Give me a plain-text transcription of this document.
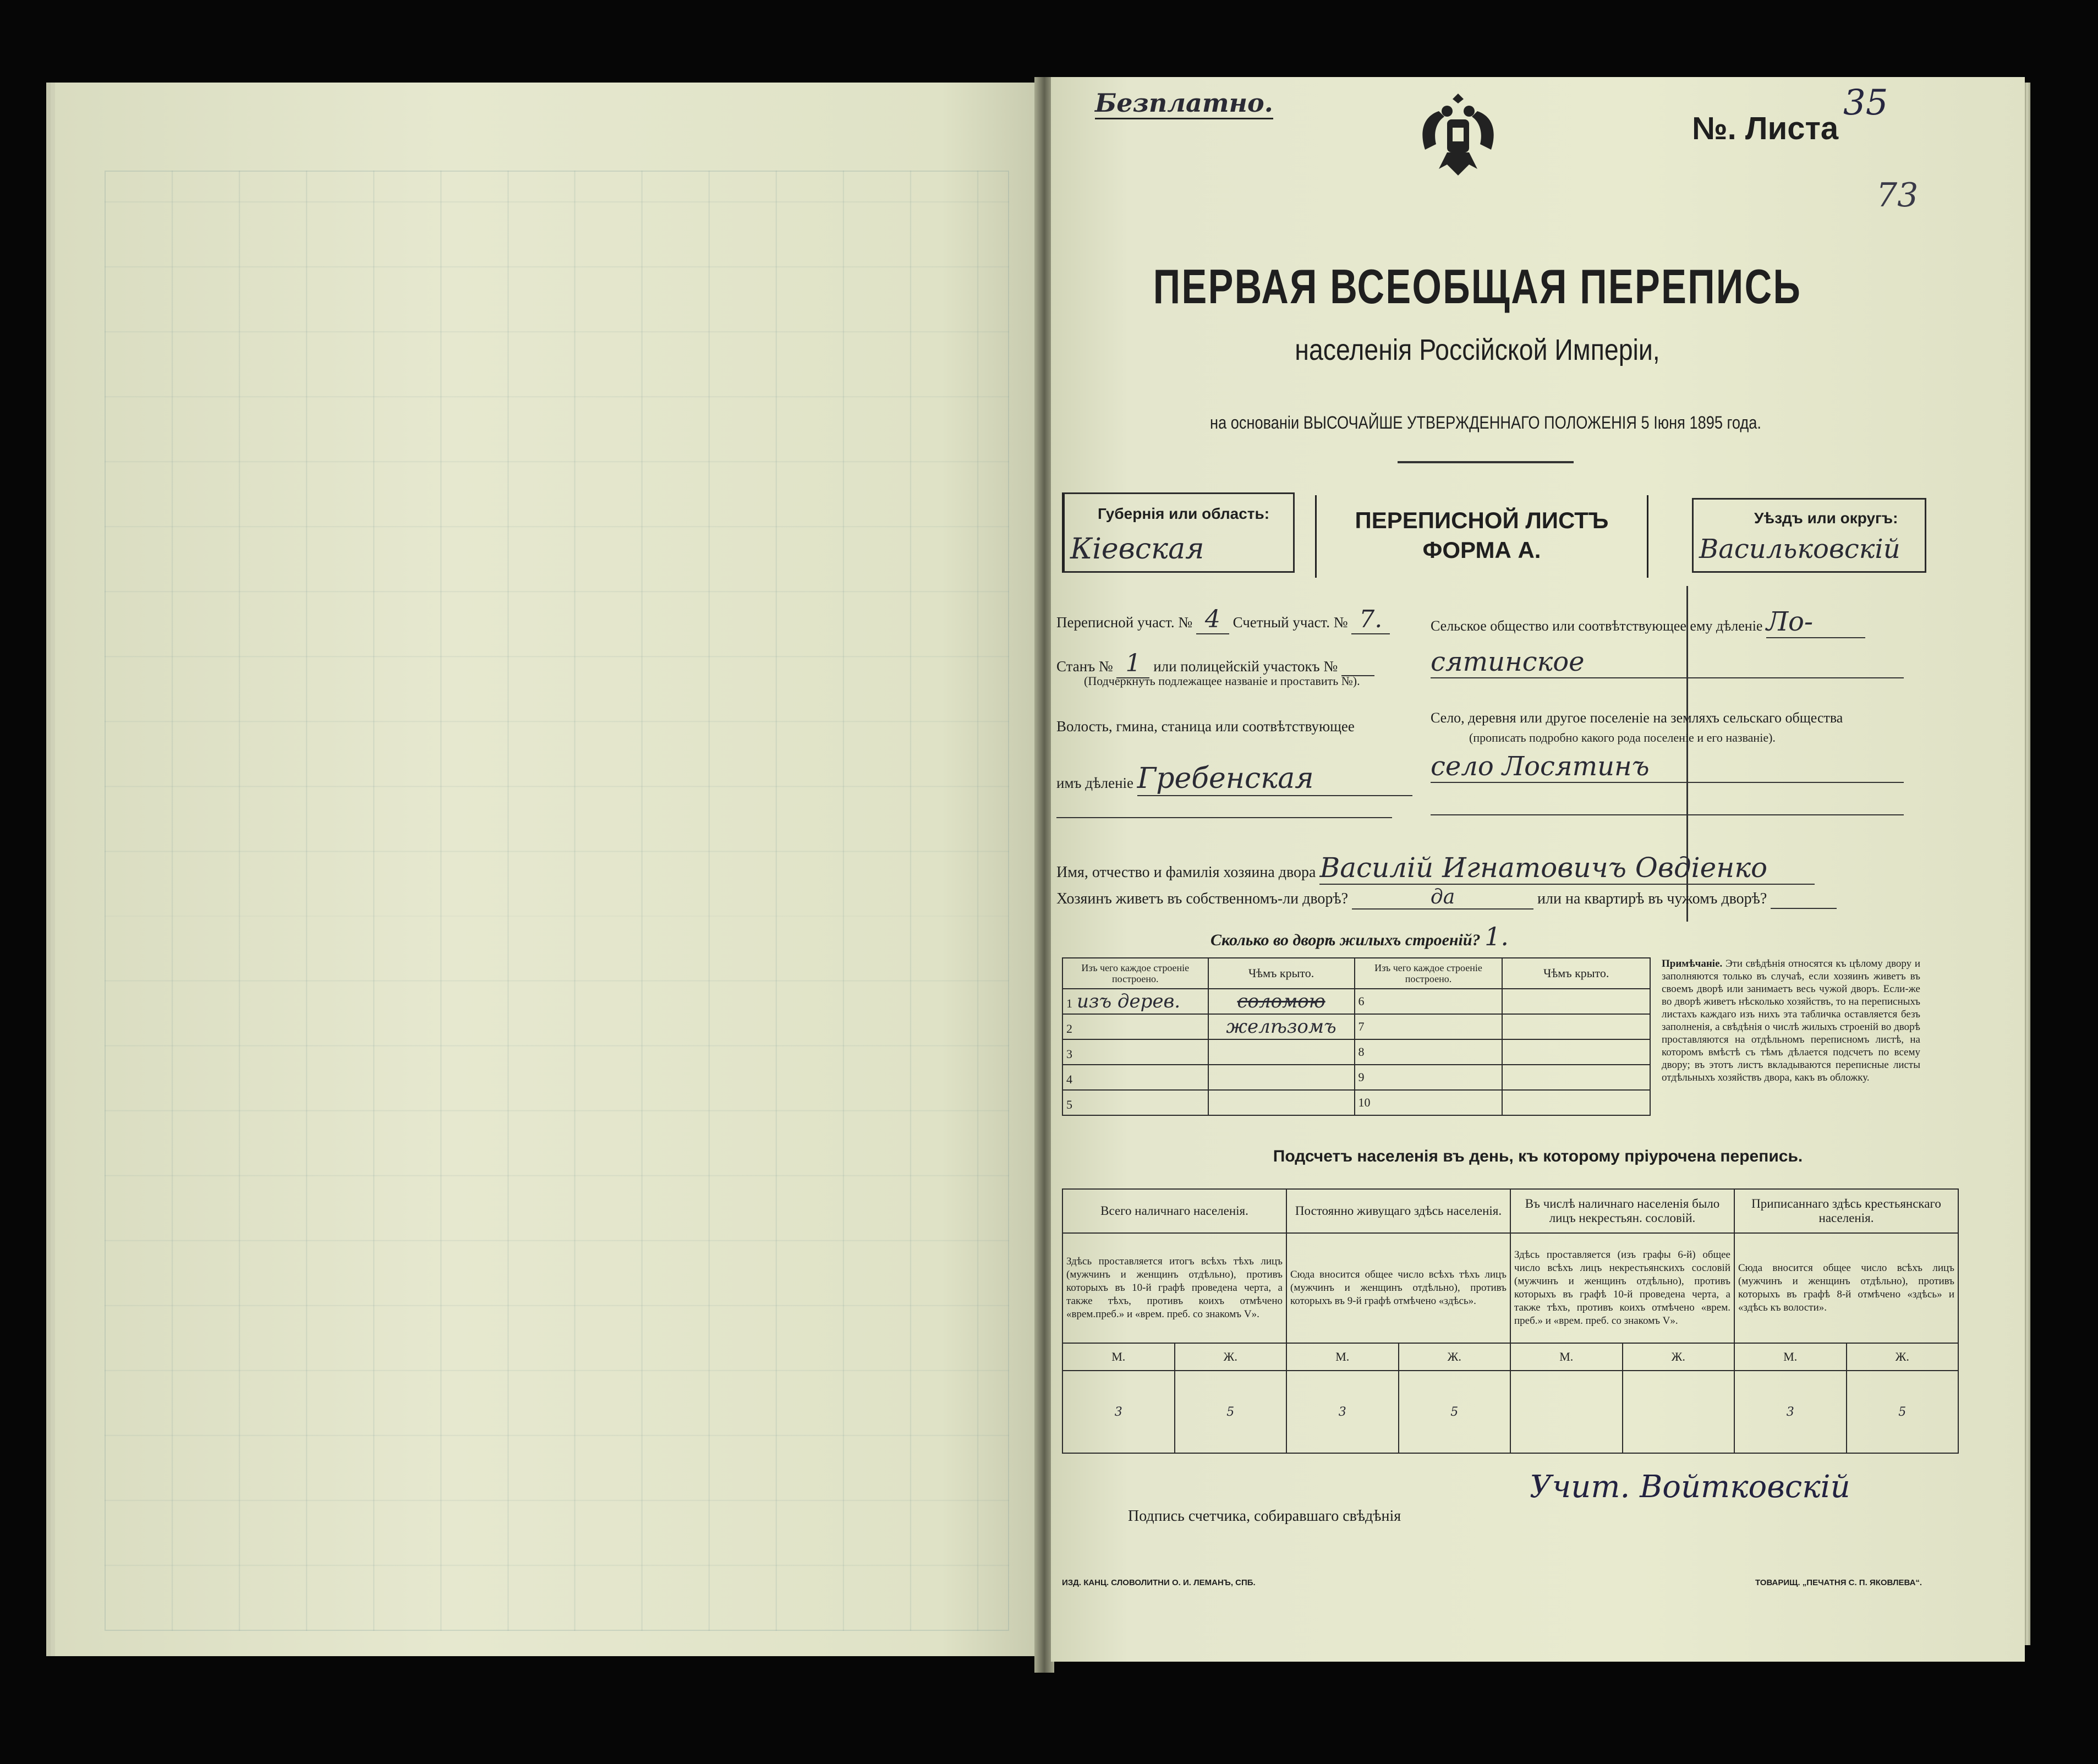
Безплатно.
№. Листа
35
73
ПЕРВАЯ ВСЕОБЩАЯ ПЕРЕПИСЬ
населенія Россійской Имперіи,
на основаніи ВЫСОЧАЙШЕ УТВЕРЖДЕННАГО ПОЛОЖЕНІЯ 5 Іюня 1895 года.
Губернія или область:
Кіевская
ПЕРЕПИСНОЙ ЛИСТЪ
ФОРМА А.
Уѣздъ или округъ:
Васильковскій
Переписной участ. № 4 Счетный участ. № 7.
Станъ № 1 или полицейскій участокъ №
(Подчеркнуть подлежащее названіе и проставить №).
Волость, гмина, станица или соотвѣтствующее
имъ дѣленіе Гребенская
Сельское общество или соотвѣтствующее ему дѣленіе Ло-
сятинское
Село, деревня или другое поселеніе на земляхъ сельскаго общества
(прописать подробно какого рода поселеніе и его названіе).
село Лосятинъ
Имя, отчество и фамилія хозяина двора Василій Игнатовичъ Овдіенко
Хозяинъ живетъ въ собственномъ-ли дворѣ?	да	или на квартирѣ въ чужомъ дворѣ?
Сколько во дворѣ жилыхъ строеній? 1.
Изъ чего каждое строеніе построено.	Чѣмъ крыто.	Изъ чего каждое строеніе построено.	Чѣмъ крыто.
1 изъ дерев.	соломою	6	
2	желѣзомъ	7	
3		8	
4		9	
5		10	
Примѣчаніе. Эти свѣдѣнія относятся къ цѣлому двору и заполняются только въ случаѣ, если хозяинъ живетъ въ своемъ дворѣ или занимаетъ весь чужой дворъ. Если-же во дворѣ живетъ нѣсколько хозяйствъ, то на переписныхъ листахъ каждаго изъ нихъ эта табличка оставляется безъ заполненія, а свѣдѣнія о числѣ жилыхъ строеній во дворѣ проставляются на отдѣльномъ переписномъ листѣ, на которомъ вмѣстѣ съ тѣмъ дѣлается подсчетъ по всему двору; въ этотъ листъ вкладываются переписные листы отдѣльныхъ хозяйствъ двора, какъ въ обложку.
Подсчетъ населенія въ день, къ которому пріурочена перепись.
Всего наличнаго населенія.		Постоянно живущаго здѣсь населенія.		Въ числѣ наличнаго населенія было лицъ некрестьян. сословій.		Приписаннаго здѣсь крестьянскаго населенія.	
Здѣсь проставляется итогъ всѣхъ тѣхъ лицъ (мужчинъ и женщинъ отдѣльно), противъ которыхъ въ 10-й графѣ проведена черта, а также тѣхъ, противъ коихъ отмѣчено «врем.преб.» и «врем. преб. со знакомъ V».		Сюда вносится общее число всѣхъ тѣхъ лицъ (мужчинъ и женщинъ отдѣльно), противъ которыхъ въ 9-й графѣ отмѣчено «здѣсь».		Здѣсь проставляется (изъ графы 6-й) общее число всѣхъ лицъ некрестьянскихъ сословій (мужчинъ и женщинъ отдѣльно), противъ которыхъ въ графѣ 10-й проведена черта, а также тѣхъ, противъ коихъ отмѣчено «врем. преб.» и «врем. преб. со знакомъ V».		Сюда вносится общее число всѣхъ лицъ (мужчинъ и женщинъ отдѣльно), противъ которыхъ въ графѣ 8-й отмѣчено «здѣсь» и «здѣсь къ волости».	
М.	Ж.	М.	Ж.	М.	Ж.	М.	Ж.
3	5	3	5			3	5
Подпись счетчика, собиравшаго свѣдѣнія
Учит. Войтковскій
ИЗД. КАНЦ. СЛОВОЛИТНИ О. И. ЛЕМАНЪ, СПБ.	ТОВАРИЩ. „ПЕЧАТНЯ С. П. ЯКОВЛЕВА“.
